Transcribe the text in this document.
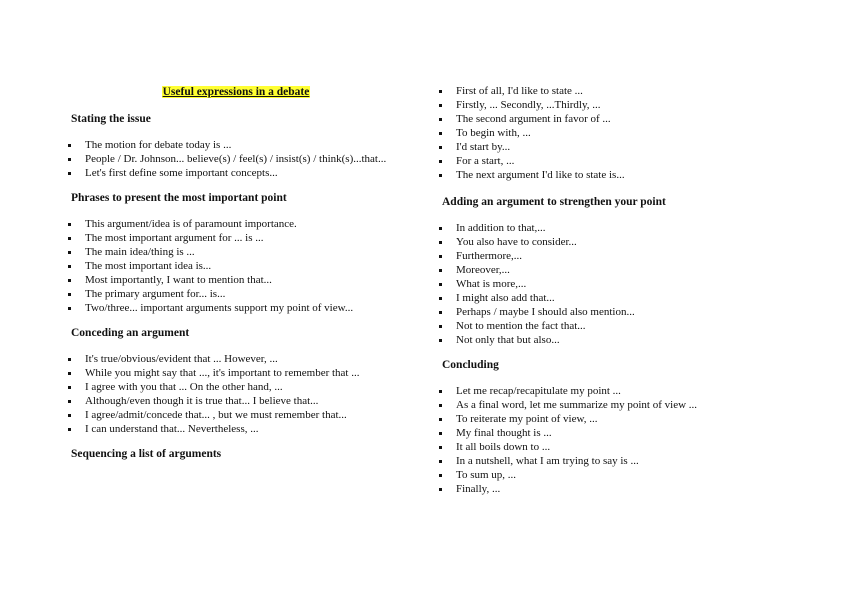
Useful expressions in a debate
Stating the issue
The motion for debate today is ...
People / Dr. Johnson... believe(s) / feel(s) / insist(s) / think(s)...that...
Let's first define some important concepts...
Phrases to present the most important point
This argument/idea is of paramount importance.
The most important argument for ... is ...
The main idea/thing is ...
The most important idea is...
Most importantly, I want to mention that...
The primary argument for... is...
Two/three... important arguments support my point of view...
Conceding an argument
It's true/obvious/evident that ... However, ...
While you might say that ..., it's important to remember that ...
I agree with you that ... On the other hand, ...
Although/even though it is true that... I believe that...
I agree/admit/concede that... , but we must remember that...
I can understand that... Nevertheless, ...
Sequencing a list of arguments
First of all, I'd like to state ...
Firstly, ... Secondly, ...Thirdly, ...
The second argument in favor of ...
To begin with, ...
I'd start by...
For a start, ...
The next argument I'd like to state is...
Adding an argument to strengthen your point
In addition to that,...
You also have to consider...
Furthermore,...
Moreover,...
What is more,...
I might also add that...
Perhaps / maybe I should also mention...
Not to mention the fact that...
Not only that but also...
Concluding
Let me recap/recapitulate my point ...
As a final word, let me summarize my point of view ...
To reiterate my point of view, ...
My final thought is ...
It all boils down to ...
In a nutshell, what I am trying to say is ...
To sum up, ...
Finally, ...
